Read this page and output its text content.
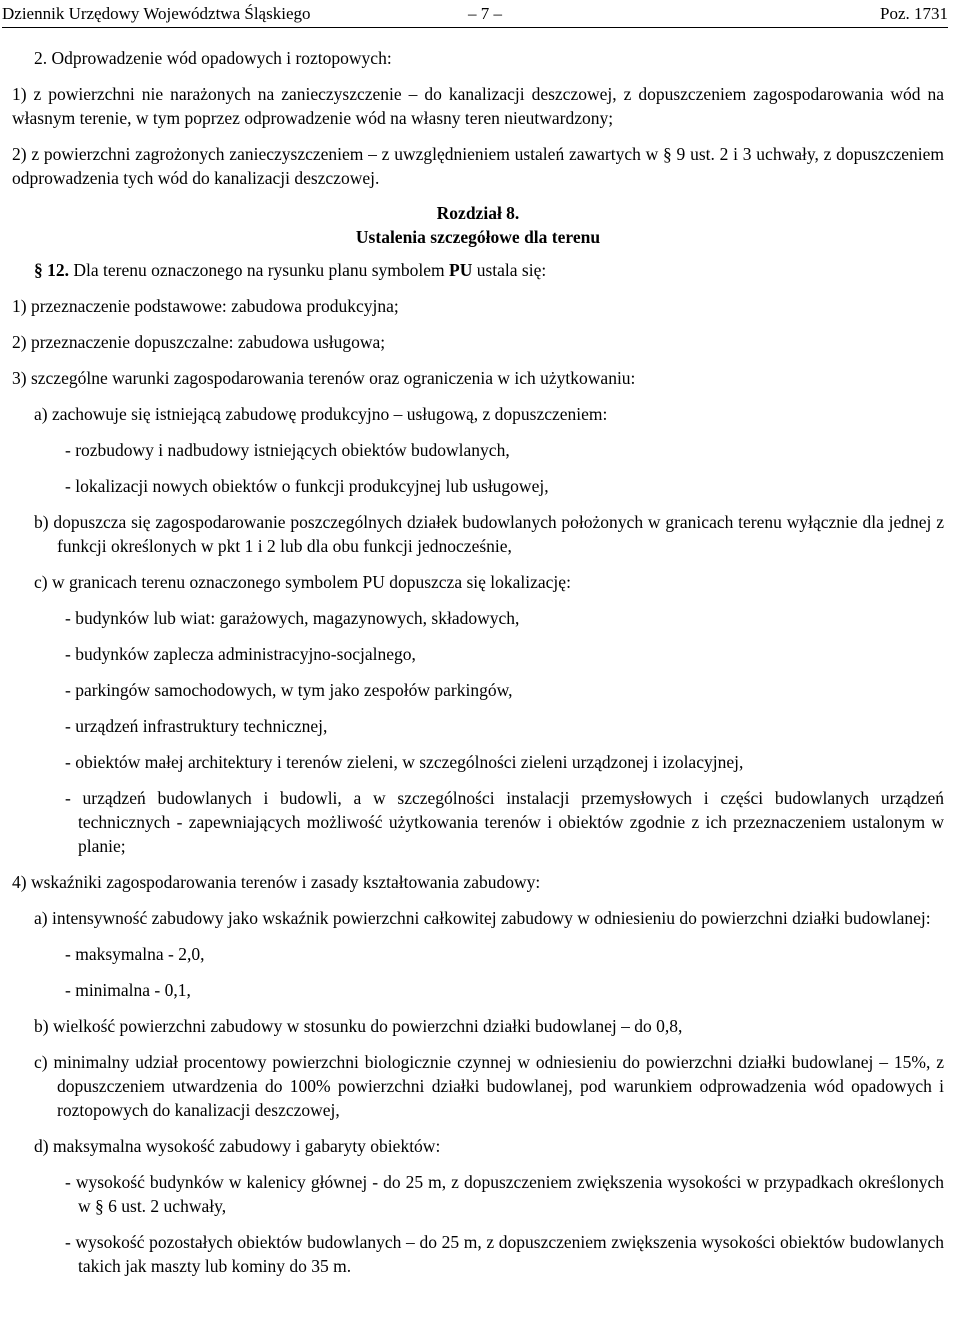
Dziennik Urzędowy Województwa Śląskiego	– 7 –	Poz. 1731

2. Odprowadzenie wód opadowych i roztopowych:

1) z powierzchni nie narażonych na zanieczyszczenie – do kanalizacji deszczowej, z dopuszczeniem zagospodarowania wód na własnym terenie, w tym poprzez odprowadzenie wód na własny teren nieutwardzony;

2) z powierzchni zagrożonych zanieczyszczeniem – z uwzględnieniem ustaleń zawartych w § 9 ust. 2 i 3 uchwały, z dopuszczeniem odprowadzenia tych wód do kanalizacji deszczowej.

Rozdział 8.

Ustalenia szczegółowe dla terenu

§ 12. Dla terenu oznaczonego na rysunku planu symbolem PU ustala się:

1) przeznaczenie podstawowe: zabudowa produkcyjna;

2) przeznaczenie dopuszczalne: zabudowa usługowa;

3) szczególne warunki zagospodarowania terenów oraz ograniczenia w ich użytkowaniu:

a) zachowuje się istniejącą zabudowę produkcyjno – usługową, z dopuszczeniem:

- rozbudowy i nadbudowy istniejących obiektów budowlanych,

- lokalizacji nowych obiektów o funkcji produkcyjnej lub usługowej,

b) dopuszcza się zagospodarowanie poszczególnych działek budowlanych położonych w granicach terenu wyłącznie dla jednej z funkcji określonych w pkt 1 i 2 lub dla obu funkcji jednocześnie,

c) w granicach terenu oznaczonego symbolem PU dopuszcza się lokalizację:

- budynków lub wiat: garażowych, magazynowych, składowych,

- budynków zaplecza administracyjno-socjalnego,

- parkingów samochodowych, w tym jako zespołów parkingów,

- urządzeń infrastruktury technicznej,

- obiektów małej architektury i terenów zieleni, w szczególności zieleni urządzonej i izolacyjnej,

- urządzeń budowlanych i budowli, a w szczególności instalacji przemysłowych i części budowlanych urządzeń technicznych - zapewniających możliwość użytkowania terenów i obiektów zgodnie z ich przeznaczeniem ustalonym w planie;

4) wskaźniki zagospodarowania terenów i zasady kształtowania zabudowy:

a) intensywność zabudowy jako wskaźnik powierzchni całkowitej zabudowy w odniesieniu do powierzchni działki budowlanej:

- maksymalna - 2,0,

- minimalna - 0,1,

b) wielkość powierzchni zabudowy w stosunku do powierzchni działki budowlanej – do 0,8,

c) minimalny udział procentowy powierzchni biologicznie czynnej w odniesieniu do powierzchni działki budowlanej – 15%, z dopuszczeniem utwardzenia do 100% powierzchni działki budowlanej, pod warunkiem odprowadzenia wód opadowych i roztopowych do kanalizacji deszczowej,

d) maksymalna wysokość zabudowy i gabaryty obiektów:

- wysokość budynków w kalenicy głównej - do 25 m, z dopuszczeniem zwiększenia wysokości w przypadkach określonych w § 6 ust. 2 uchwały,

- wysokość pozostałych obiektów budowlanych – do 25 m, z dopuszczeniem zwiększenia wysokości obiektów budowlanych takich jak maszty lub kominy do 35 m.
